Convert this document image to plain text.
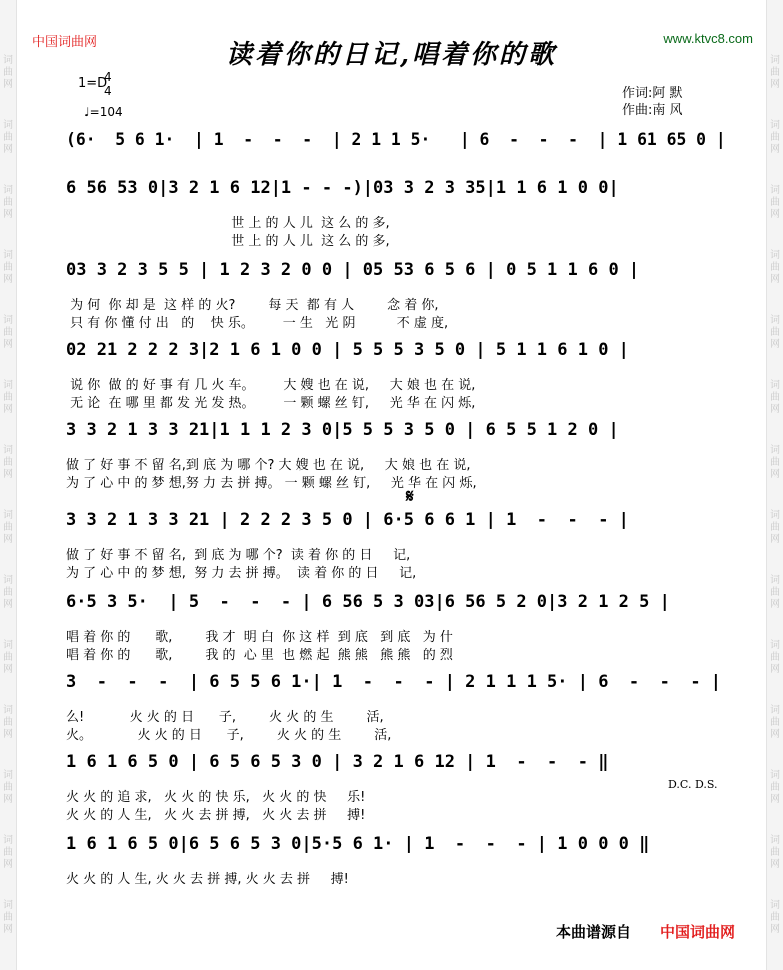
中国词曲网	www.ktvc8.com
读着你的日记,唱着你的歌
1=D
4
4
♩=104
作词:阿 默
作曲:南 风
(6·  5 6 1·  | 1  -  -  -  | 2 1 1 5·   | 6  -  -  -  | 1 61 65 0 |
6 56 53 0|3 2 1 6 12|1 - - -)|03 3 2 3 35|1 1 6 1 0 0|
世 上 的 人 儿  这 么 的 多,
世 上 的 人 儿  这 么 的 多,
03 3 2 3 5 5 | 1 2 3 2 0 0 | 05 53 6 5 6 | 0 5 1 1 6 0 |
为 何  你 却 是  这 样 的 火?        每 天  都 有 人        念 着 你,
只 有 你 懂 付 出   的    快 乐。       一 生   光 阴          不 虚 度,
02 21 2 2 2 3|2 1 6 1 0 0 | 5 5 5 3 5 0 | 5 1 1 6 1 0 |
说 你  做 的 好 事 有 几 火 车。       大 嫂 也 在 说,     大 娘 也 在 说,
无 论  在 哪 里 都 发 光 发 热。       一 颗 螺 丝 钉,     光 华 在 闪 烁,
3 3 2 1 3 3 21|1 1 1 2 3 0|5 5 5 3 5 0 | 6 5 5 1 2 0 |
做 了 好 事 不 留 名,到 底 为 哪 个? 大 嫂 也 在 说,     大 娘 也 在 说,
为 了 心 中 的 梦 想,努 力 去 拼 搏。 一 颗 螺 丝 钉,     光 华 在 闪 烁,
3 3 2 1 3 3 21 | 2 2 2 3 5 0 | 6·5 6 6 1 | 1  -  -  - |
做 了 好 事 不 留 名,  到 底 为 哪 个?  读 着 你 的 日     记,
为 了 心 中 的 梦 想,  努 力 去 拼 搏。  读 着 你 的 日     记,
6·5 3 5·  | 5  -  -  - | 6 56 5 3 03|6 56 5 2 0|3 2 1 2 5 |
唱 着 你 的      歌,        我 才  明 白  你 这 样  到 底   到 底   为 什
唱 着 你 的      歌,        我 的  心 里  也 燃 起  熊 熊   熊 熊   的 烈
3  -  -  -  | 6 5 5 6 1·| 1  -  -  - | 2 1 1 1 5· | 6  -  -  - |
么!           火 火 的 日      子,        火 火 的 生        活,
火。           火 火 的 日      子,        火 火 的 生        活,
1 6 1 6 5 0 | 6 5 6 5 3 0 | 3 2 1 6 12 | 1  -  -  - ‖
火 火 的 追 求,   火 火 的 快 乐,   火 火 的 快     乐!
火 火 的 人 生,   火 火 去 拼 搏,   火 火 去 拼     搏!
1 6 1 6 5 0|6 5 6 5 3 0|5·5 6 1· | 1  -  -  - | 1 0 0 0 ‖
火 火 的 人 生, 火 火 去 拼 搏, 火 火 去 拼     搏!
𝄋
D.C. D.S.
本曲谱源自 中国词曲网
词曲网
词曲网
词曲网
词曲网
词曲网
词曲网
词曲网
词曲网
词曲网
词曲网
词曲网
词曲网
词曲网
词曲网
词曲网
词曲网
词曲网
词曲网
词曲网
词曲网
词曲网
词曲网
词曲网
词曲网
词曲网
词曲网
词曲网
词曲网
